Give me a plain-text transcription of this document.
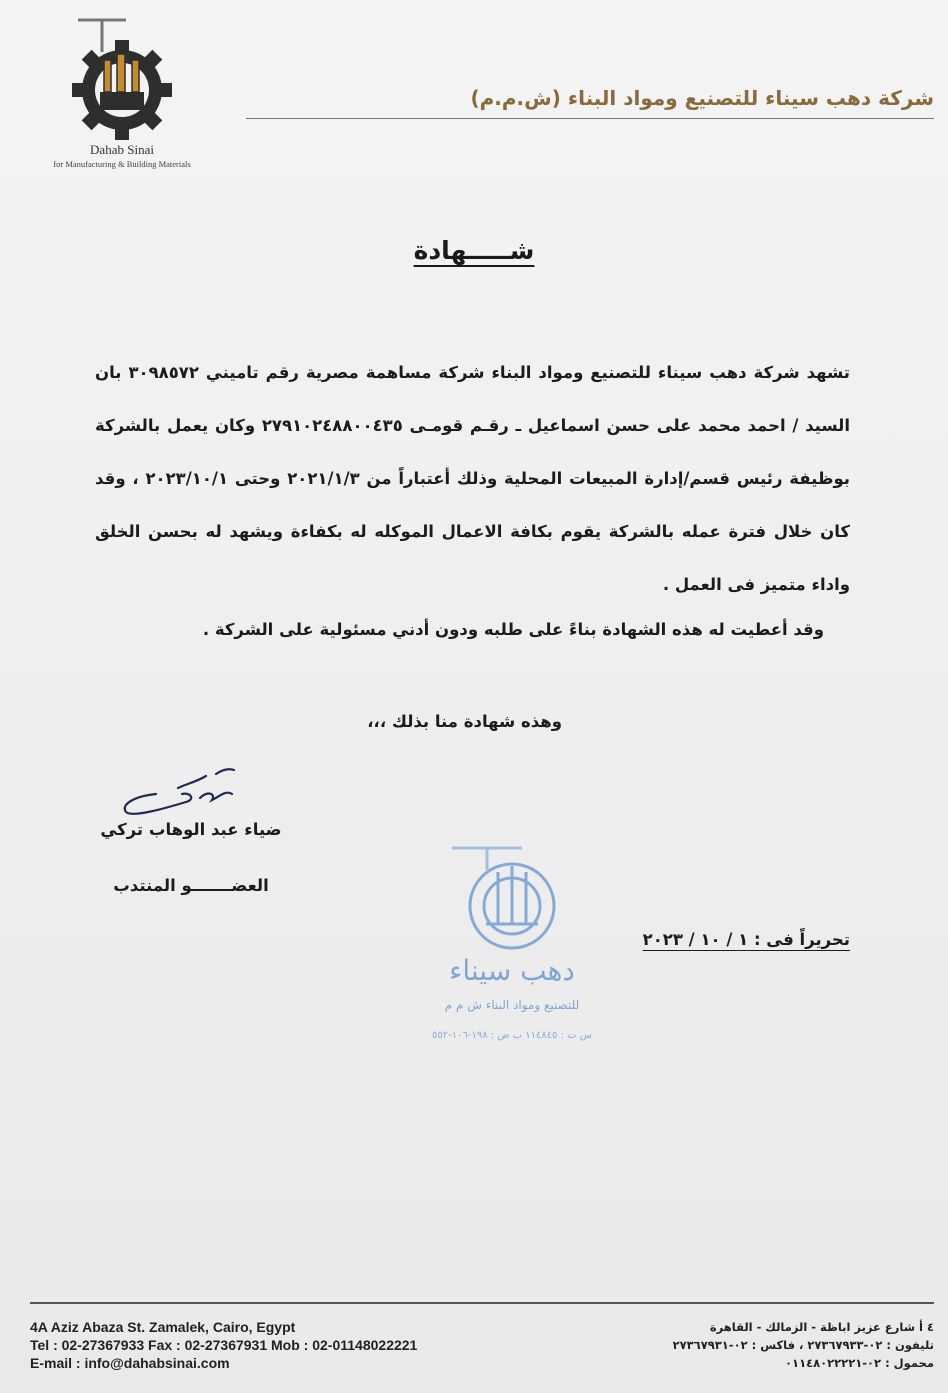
Dahab Sinai
for Manufacturing & Building Materials
شركة دهب سيناء للتصنيع ومواد البناء (ش.م.م)
شـــــهادة

تشهد شركة دهب سيناء للتصنيع ومواد البناء شركة مساهمة مصرية رقم تاميني ٣٠٩٨٥٧٢ بان السيد / احمد محمد على حسن اسماعيل ـ رقـم قومـى ٢٧٩١٠٢٤٨٨٠٠٤٣٥ وكان يعمل بالشركة بوظيفة رئيس قسم/إدارة المبيعات المحلية وذلك أعتباراً من ٢٠٢١/١/٣ وحتى ٢٠٢٣/١٠/١ ، وقد كان خلال فترة عمله بالشركة يقوم بكافة الاعمال الموكله له بكفاءة ويشهد له بحسن الخلق واداء متميز فى العمل .

وقد أعطيت له هذه الشهادة بناءً على طلبه ودون أدني مسئولية على الشركة .
وهذه شهادة منا بذلك ،،،
ضياء عبد الوهاب تركي
العضـــــــو المنتدب
دهب سيناء
للتصنيع ومواد البناء ش م م
س ت : ١١٤٨٤٥ ب ض : ١٩٨-١٠٦-٥٥٢
تحريراً فى : ١ / ١٠ / ٢٠٢٣
4A Aziz Abaza St. Zamalek, Cairo, Egypt
Tel : 02-27367933 Fax : 02-27367931 Mob : 02-01148022221
E-mail : info@dahabsinai.com
٤ أ شارع عزيز اباظة - الزمالك - القاهرة
تليفون : ٠٢-٢٧٣٦٧٩٣٣ ، فاكس : ٠٢-٢٧٣٦٧٩٣١
محمول : ٠٢-٠١١٤٨٠٢٢٢٢١
